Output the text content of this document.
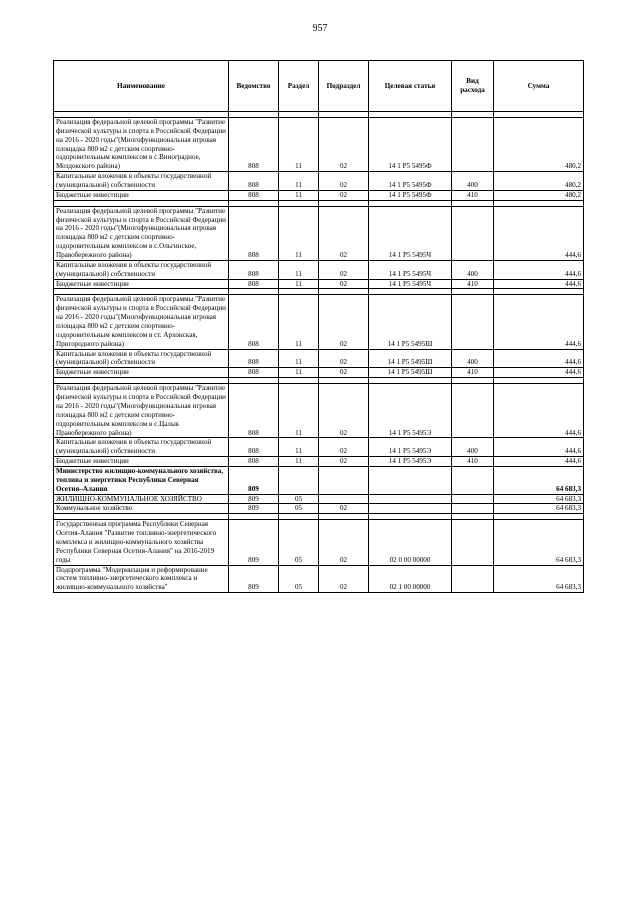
957
Наименование	Ведомство	Раздел	Подраздел	Целевая статья	Вид расхода	Сумма

Реализация федеральной целевой программы "Развитие физической культуры и спорта в Российской Федерации на 2016 - 2020 годы"(Многофункциональная игровая площадка 800 м2 с детским спортивно-оздоровительным комплексом в с.Виноградное, Моздокского района)	808	11	02	14 1 Р5 5495Ф		480,2
Капитальные вложения в объекты государственной (муниципальной) собственности	808	11	02	14 1 Р5 5495Ф	400	480,2
Бюджетные инвестиции	808	11	02	14 1 Р5 5495Ф	410	480,2

Реализация федеральной целевой программы "Развитие физической культуры и спорта в Российской Федерации на 2016 - 2020 годы"(Многофункциональная игровая площадка 800 м2 с детским спортивно-оздоровительным комплексом в с.Ольгинское, Правобережного района)	808	11	02	14 1 Р5 5495Ч		444,6
Капитальные вложения в объекты государственной (муниципальной) собственности	808	11	02	14 1 Р5 5495Ч	400	444,6
Бюджетные инвестиции	808	11	02	14 1 Р5 5495Ч	410	444,6

Реализация федеральной целевой программы "Развитие физической культуры и спорта в Российской Федерации на 2016 - 2020 годы"(Многофункциональная игровая площадка 800 м2 с детским спортивно-оздоровительным комплексом в ст. Архонская, Пригородного района)	808	11	02	14 1 Р5 5495Ш		444,6
Капитальные вложения в объекты государственной (муниципальной) собственности	808	11	02	14 1 Р5 5495Ш	400	444,6
Бюджетные инвестиции	808	11	02	14 1 Р5 5495Ш	410	444,6

Реализация федеральной целевой программы "Развитие физической культуры и спорта в Российской Федерации на 2016 - 2020 годы"(Многофункциональная игровая площадка 800 м2 с детским спортивно-оздоровительным комплексом в с.Цалык Правобережного района)	808	11	02	14 1 Р5 5495Э		444,6
Капитальные вложения в объекты государственной (муниципальной) собственности	808	11	02	14 1 Р5 5495Э	400	444,6
Бюджетные инвестиции	808	11	02	14 1 Р5 5495Э	410	444,6
Министерство жилищно-коммунального хозяйства, топлива и энергетики Республики Северная Осетия–Алания	809					64 683,3
ЖИЛИЩНО-КОММУНАЛЬНОЕ ХОЗЯЙСТВО	809	05				64 683,3
Коммунальное хозяйство	809	05	02			64 683,3

Государственная программа Республики Северная Осетия-Алания "Развитие топливно-энергетического комплекса и жилищно-коммунального хозяйства Республики Северная Осетия-Алания" на 2016-2019 годы	809	05	02	02 0 00 00000		64 683,3
Подпрограмма "Модернизация и реформирование систем топливно-энергетического комплекса и жилищно-коммунального хозяйства"	809	05	02	02 1 00 00000		64 683,3
